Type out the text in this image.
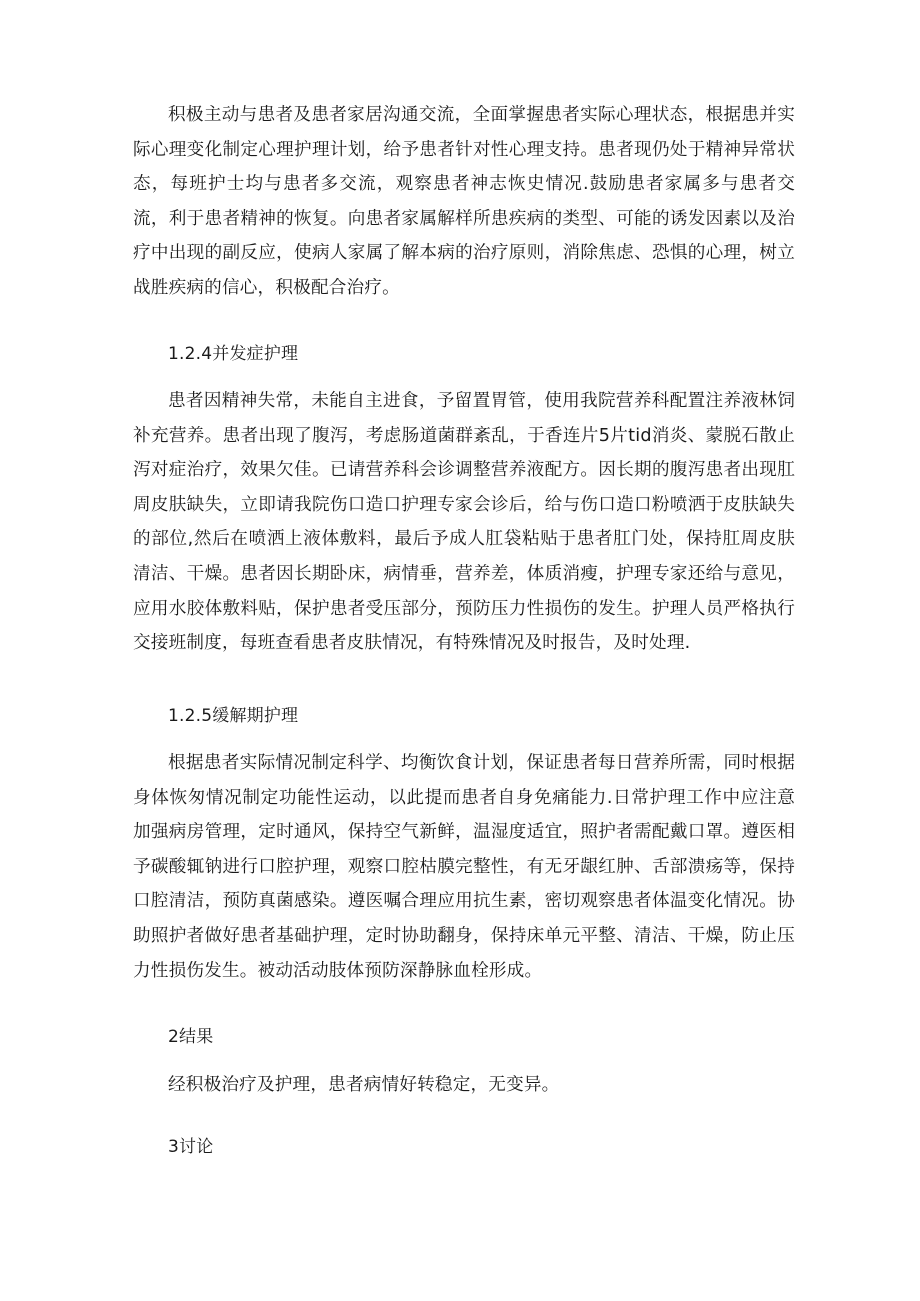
积极主动与患者及患者家居沟通交流，全面掌握患者实际心理状态，根据患并实际心理变化制定心理护理计划，给予患者针对性心理支持。患者现仍处于精神异常状态，每班护士均与患者多交流，观察患者神志恢史情况.鼓励患者家属多与患者交流，利于患者精神的恢复。向患者家属解样所患疾病的类型、可能的诱发因素以及治疗中出现的副反应，使病人家属了解本病的治疗原则，消除焦虑、恐惧的心理，树立战胜疾病的信心，积极配合治疗。

1.2.4并发症护理

患者因精神失常，未能自主进食，予留置胃管，使用我院营养科配置注养液林饲补充营养。患者出现了腹泻，考虑肠道菌群紊乱，于香连片5片tid消炎、蒙脱石散止泻对症治疗，效果欠佳。已请营养科会诊调整营养液配方。因长期的腹泻患者出现肛周皮肤缺失，立即请我院伤口造口护理专家会诊后，给与伤口造口粉喷洒于皮肤缺失的部位,然后在喷洒上液体敷料，最后予成人肛袋粘贴于患者肛门处，保持肛周皮肤清洁、干燥。患者因长期卧床，病情垂，营养差，体质消瘦，护理专家还给与意见，应用水胶体敷料贴，保护患者受压部分，预防压力性损伤的发生。护理人员严格执行交接班制度，每班查看患者皮肤情况，有特殊情况及时报告，及时处理.

1.2.5缓解期护理

根据患者实际情况制定科学、均衡饮食计划，保证患者每日营养所需，同时根据身体恢匆情况制定功能性运动，以此提而患者自身免痛能力.日常护理工作中应注意加强病房管理，定时通风，保持空气新鲜，温湿度适宜，照护者需配戴口罩。遵医相予碳酸辄钠进行口腔护理，观察口腔枯膜完整性，有无牙龈红肿、舌部溃疡等，保持口腔清洁，预防真菌感染。遵医嘱合理应用抗生素，密切观察患者体温变化情况。协助照护者做好患者基础护理，定时协助翻身，保持床单元平整、清洁、干燥，防止压力性损伤发生。被动活动肢体预防深静脉血栓形成。

2结果

经积极治疗及护理，患者病情好转稳定，无变异。

3讨论
